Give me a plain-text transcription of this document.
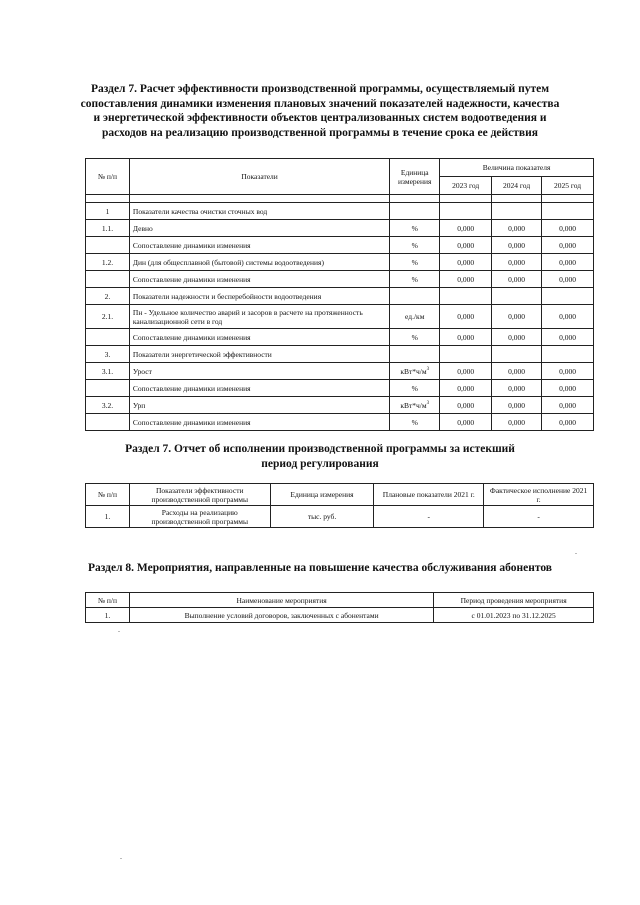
Раздел 7. Расчет эффективности производственной программы, осуществляемый путем сопоставления динамики изменения плановых значений показателей надежности, качества и энергетической эффективности объектов централизованных систем водоотведения и расходов на реализацию производственной программы в течение срока ее действия
№ п/п	Показатели	Единица измерения	Величина показателя		
			2023 год	2024 год	2025 год

1	Показатели качества очистки сточных вод				
1.1.	Девно	%	0,000	0,000	0,000
	Сопоставление динамики изменения	%	0,000	0,000	0,000
1.2.	Дин (для общесплавной (бытовой) системы водоотведения)	%	0,000	0,000	0,000
	Сопоставление динамики изменения	%	0,000	0,000	0,000
2.	Показатели надежности и бесперебойности водоотведения				
2.1.	Пн - Удельное количество аварий и засоров в расчете на протяженность канализационной сети в год	ед./км	0,000	0,000	0,000
	Сопоставление динамики изменения	%	0,000	0,000	0,000
3.	Показатели энергетической эффективности				
3.1.	Урост	$кВт*ч/м^3$	0,000	0,000	0,000
	Сопоставление динамики изменения	%	0,000	0,000	0,000
3.2.	Урп	$кВт*ч/м^3$	0,000	0,000	0,000
	Сопоставление динамики изменения	%	0,000	0,000	0,000
Раздел 7. Отчет об исполнении производственной программы за истекший период регулирования
№ п/п	Показатели эффективности производственной программы	Единица измерения	Плановые показатели 2021 г.	Фактическое исполнение 2021 г.
1.	Расходы на реализацию производственной программы	тыс. руб.	-	-
Раздел 8. Мероприятия, направленные на повышение качества обслуживания абонентов
№ п/п	Наименование мероприятия	Период проведения мероприятия
1.	Выполнение условий договоров, заключенных с абонентами	с 01.01.2023 по 31.12.2025
